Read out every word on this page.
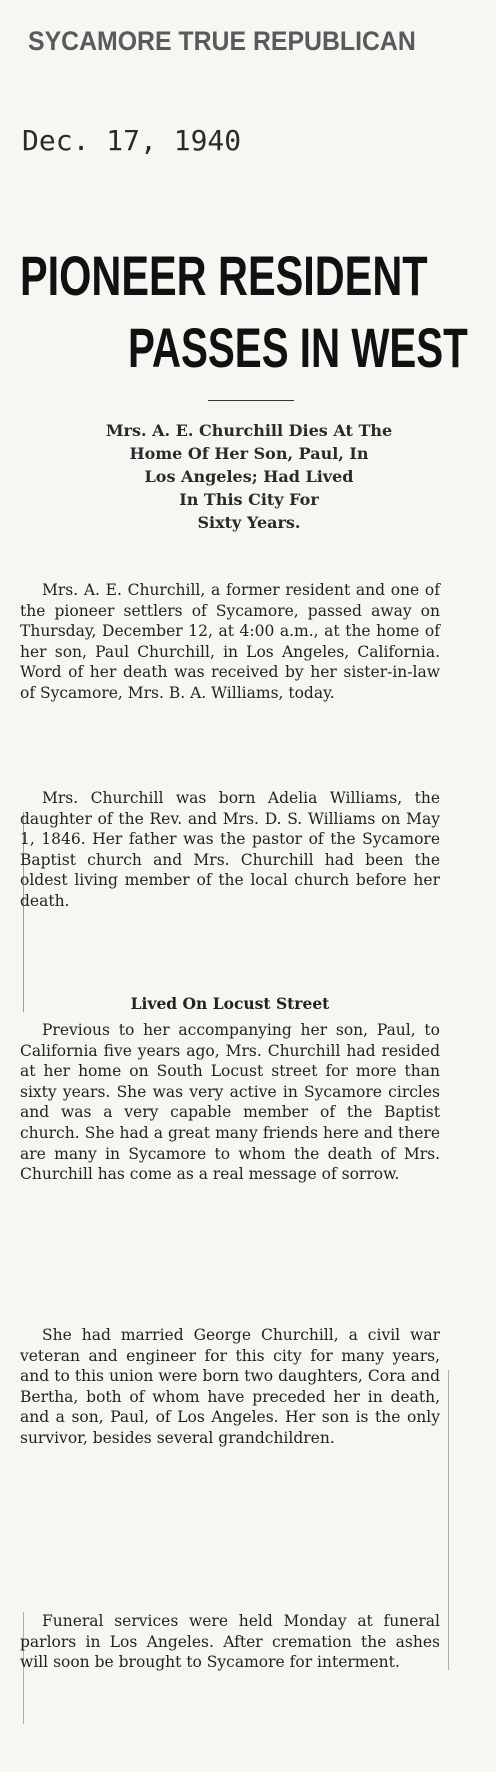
SYCAMORE TRUE REPUBLICAN
Dec. 17, 1940
PIONEER RESIDENT
PASSES IN WEST
Mrs. A. E. Churchill Dies At The
Home Of Her Son, Paul, In
Los Angeles; Had Lived
In This City For
Sixty Years.

Mrs. A. E. Churchill, a former resident and one of the pioneer settlers of Sycamore, passed away on Thursday, December 12, at 4:00 a.m., at the home of her son, Paul Churchill, in Los Angeles, California. Word of her death was received by her sister-in-law of Sycamore, Mrs. B. A. Williams, today.

Mrs. Churchill was born Adelia Williams, the daughter of the Rev. and Mrs. D. S. Williams on May 1, 1846. Her father was the pastor of the Sycamore Baptist church and Mrs. Churchill had been the oldest living member of the local church before her death.

Lived On Locust Street

Previous to her accompanying her son, Paul, to California five years ago, Mrs. Churchill had resided at her home on South Locust street for more than sixty years. She was very active in Sycamore circles and was a very capable member of the Baptist church. She had a great many friends here and there are many in Sycamore to whom the death of Mrs. Churchill has come as a real message of sorrow.

She had married George Churchill, a civil war veteran and engineer for this city for many years, and to this union were born two daughters, Cora and Bertha, both of whom have preceded her in death, and a son, Paul, of Los Angeles. Her son is the only survivor, besides several grandchildren.

Funeral services were held Monday at funeral parlors in Los Angeles. After cremation the ashes will soon be brought to Sycamore for interment.
